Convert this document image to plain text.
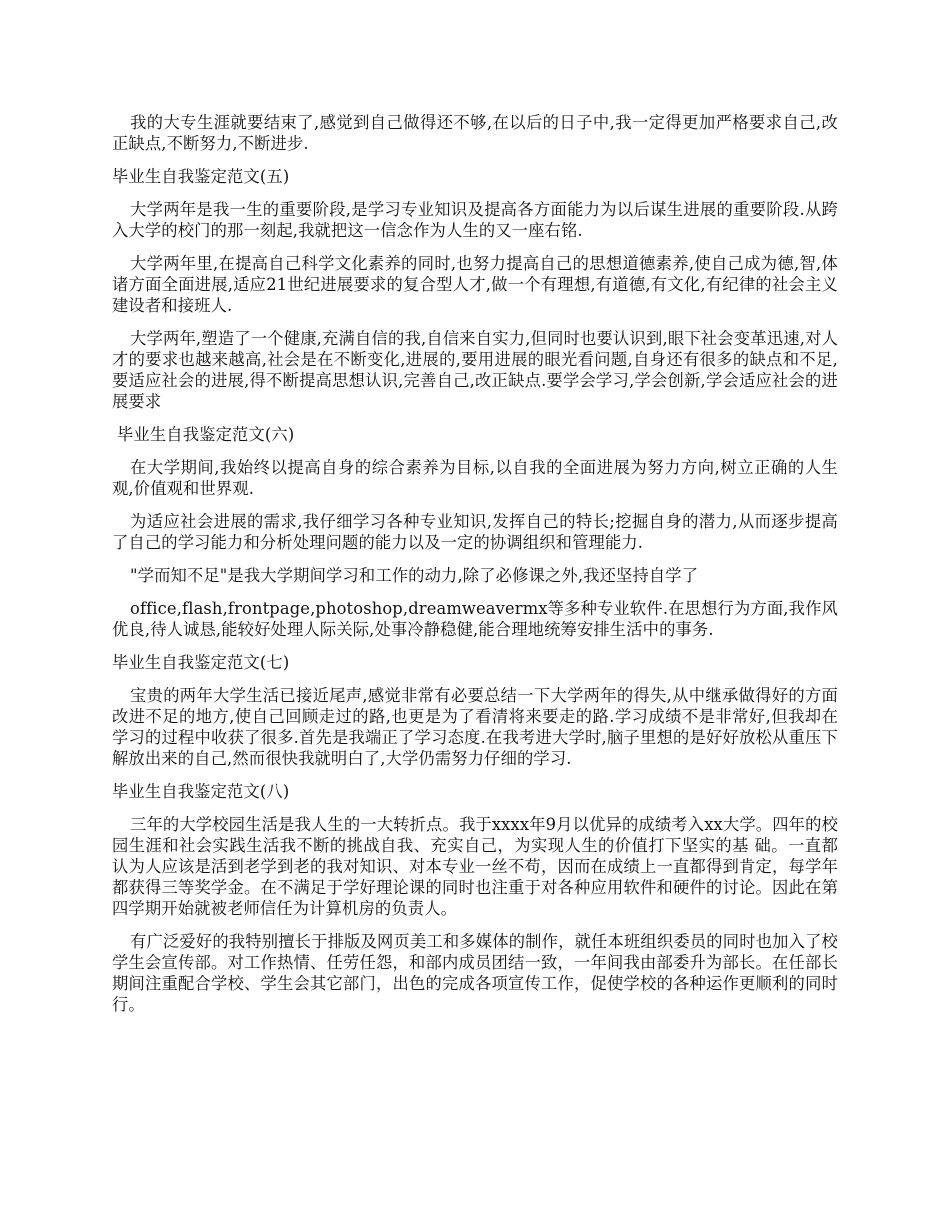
我的大专生涯就要结束了,感觉到自己做得还不够,在以后的日子中,我一定得更加严格要求自己,改正缺点,不断努力,不断进步.

毕业生自我鉴定范文(五)

大学两年是我一生的重要阶段,是学习专业知识及提高各方面能力为以后谋生进展的重要阶段.从跨入大学的校门的那一刻起,我就把这一信念作为人生的又一座右铭.

大学两年里,在提高自己科学文化素养的同时,也努力提高自己的思想道德素养,使自己成为德,智,体诸方面全面进展,适应21世纪进展要求的复合型人才,做一个有理想,有道德,有文化,有纪律的社会主义建设者和接班人.

大学两年,塑造了一个健康,充满自信的我,自信来自实力,但同时也要认识到,眼下社会变革迅速,对人才的要求也越来越高,社会是在不断变化,进展的,要用进展的眼光看问题,自身还有很多的缺点和不足,要适应社会的进展,得不断提高思想认识,完善自己,改正缺点.要学会学习,学会创新,学会适应社会的进展要求

毕业生自我鉴定范文(六)

在大学期间,我始终以提高自身的综合素养为目标,以自我的全面进展为努力方向,树立正确的人生观,价值观和世界观.

为适应社会进展的需求,我仔细学习各种专业知识,发挥自己的特长;挖掘自身的潜力,从而逐步提高了自己的学习能力和分析处理问题的能力以及一定的协调组织和管理能力.

"学而知不足"是我大学期间学习和工作的动力,除了必修课之外,我还坚持自学了

office,flash,frontpage,photoshop,dreamweavermx等多种专业软件.在思想行为方面,我作风优良,待人诚恳,能较好处理人际关际,处事冷静稳健,能合理地统筹安排生活中的事务.

毕业生自我鉴定范文(七)

宝贵的两年大学生活已接近尾声,感觉非常有必要总结一下大学两年的得失,从中继承做得好的方面改进不足的地方,使自己回顾走过的路,也更是为了看清将来要走的路.学习成绩不是非常好,但我却在学习的过程中收获了很多.首先是我端正了学习态度.在我考进大学时,脑子里想的是好好放松从重压下解放出来的自己,然而很快我就明白了,大学仍需努力仔细的学习.

毕业生自我鉴定范文(八)

三年的大学校园生活是我人生的一大转折点。我于xxxx年9月以优异的成绩考入xx大学。四年的校园生涯和社会实践生活我不断的挑战自我、充实自己，为实现人生的价值打下坚实的基 础。一直都认为人应该是活到老学到老的我对知识、对本专业一丝不苟，因而在成绩上一直都得到肯定，每学年都获得三等奖学金。在不满足于学好理论课的同时也注重于对各种应用软件和硬件的讨论。因此在第四学期开始就被老师信任为计算机房的负责人。

有广泛爱好的我特别擅长于排版及网页美工和多媒体的制作，就任本班组织委员的同时也加入了校学生会宣传部。对工作热情、任劳任怨，和部内成员团结一致，一年间我由部委升为部长。在任部长期间注重配合学校、学生会其它部门，出色的完成各项宣传工作，促使学校的各种运作更顺利的同时行。
